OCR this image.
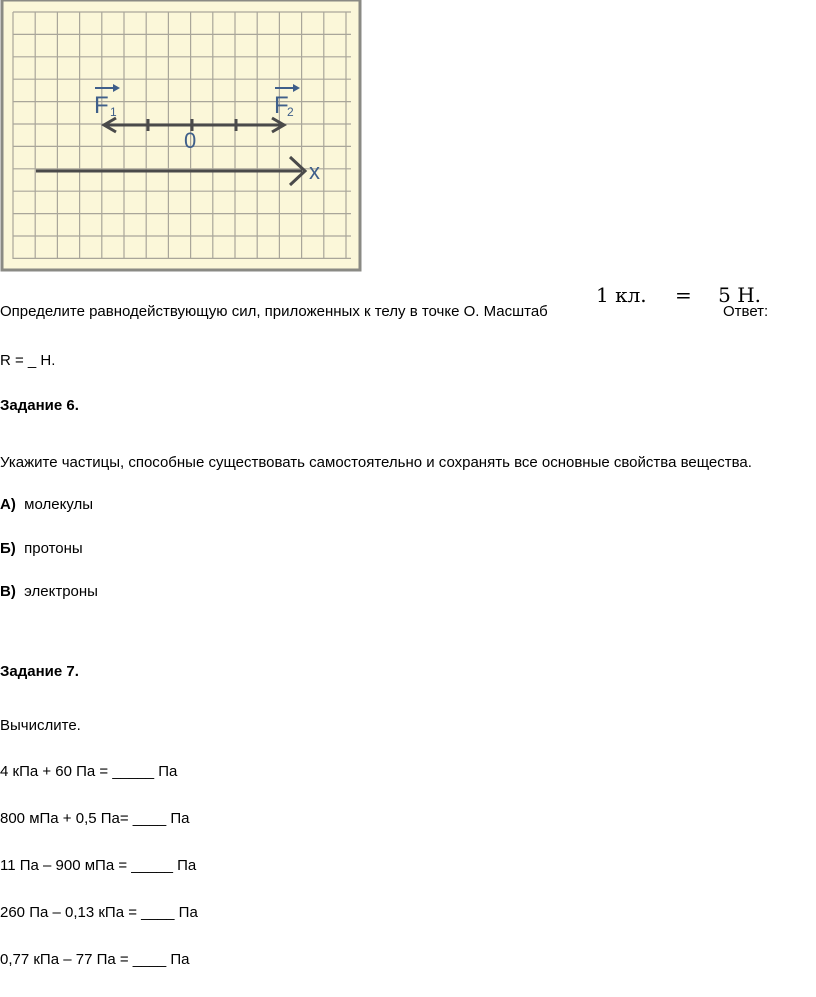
F 1	F
2
0
x
Определите равнодействующую сил, приложенных к телу в точке О. Масштаб
1 кл. = 5 Н.
Ответ:
R = _ Н.
Задание 6.
Укажите частицы, способные существовать самостоятельно и сохранять все основные свойства вещества.
А) молекулы
Б) протоны
В) электроны
Задание 7.
Вычислите.
4 кПа + 60 Па = _____ Па
800 мПа + 0,5 Па= ____ Па
11 Па – 900 мПа = _____ Па
260 Па – 0,13 кПа = ____ Па
0,77 кПа – 77 Па = ____ Па
